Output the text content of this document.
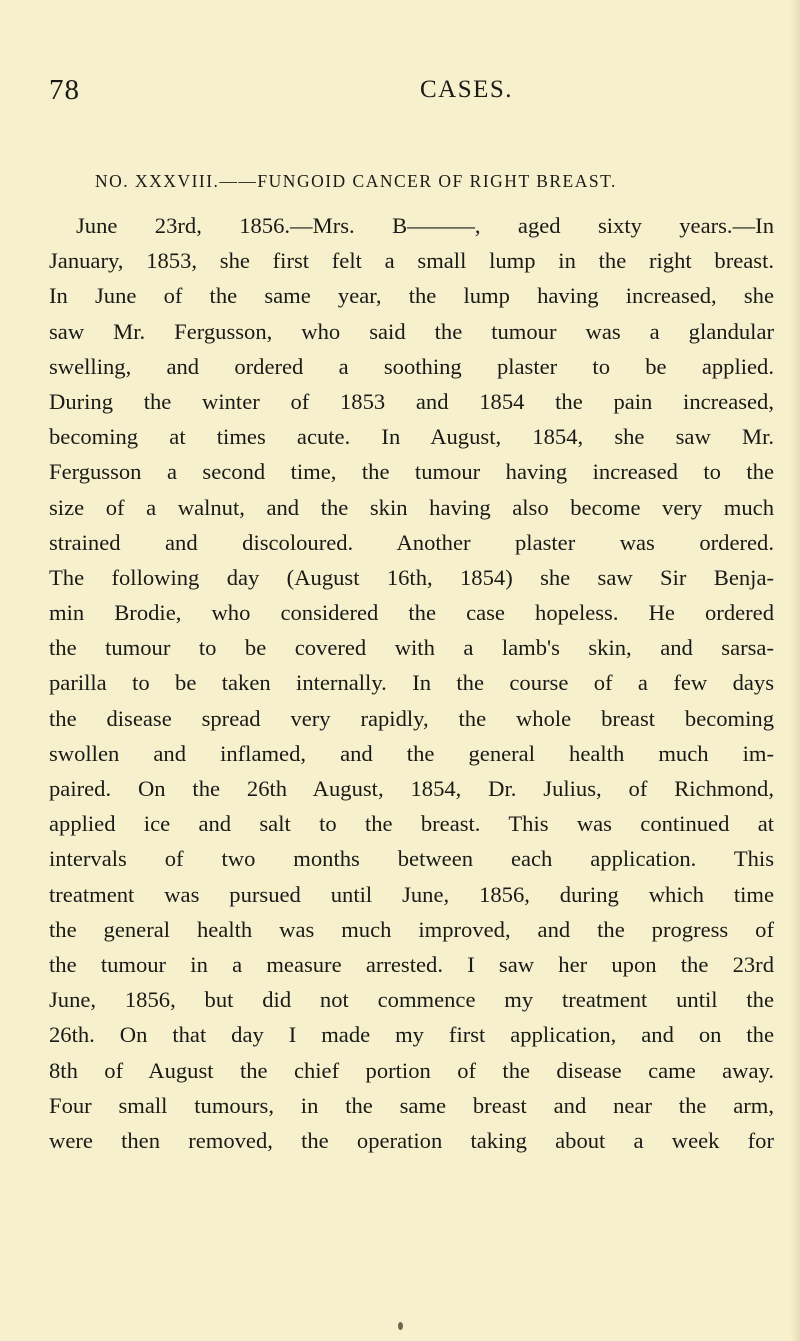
78	CASES.
NO. XXXVIII.——FUNGOID CANCER OF RIGHT BREAST.
June 23rd, 1856.—Mrs. B———, aged sixty years.—In
January, 1853, she first felt a small lump in the right breast.
In June of the same year, the lump having increased, she
saw Mr. Fergusson, who said the tumour was a glandular
swelling, and ordered a soothing plaster to be applied.
During the winter of 1853 and 1854 the pain increased,
becoming at times acute. In August, 1854, she saw Mr.
Fergusson a second time, the tumour having increased to the
size of a walnut, and the skin having also become very much
strained and discoloured. Another plaster was ordered.
The following day (August 16th, 1854) she saw Sir Benja-
min Brodie, who considered the case hopeless. He ordered
the tumour to be covered with a lamb's skin, and sarsa-
parilla to be taken internally. In the course of a few days
the disease spread very rapidly, the whole breast becoming
swollen and inflamed, and the general health much im-
paired. On the 26th August, 1854, Dr. Julius, of Richmond,
applied ice and salt to the breast. This was continued at
intervals of two months between each application. This
treatment was pursued until June, 1856, during which time
the general health was much improved, and the progress of
the tumour in a measure arrested. I saw her upon the 23rd
June, 1856, but did not commence my treatment until the
26th. On that day I made my first application, and on the
8th of August the chief portion of the disease came away.
Four small tumours, in the same breast and near the arm,
were then removed, the operation taking about a week for
